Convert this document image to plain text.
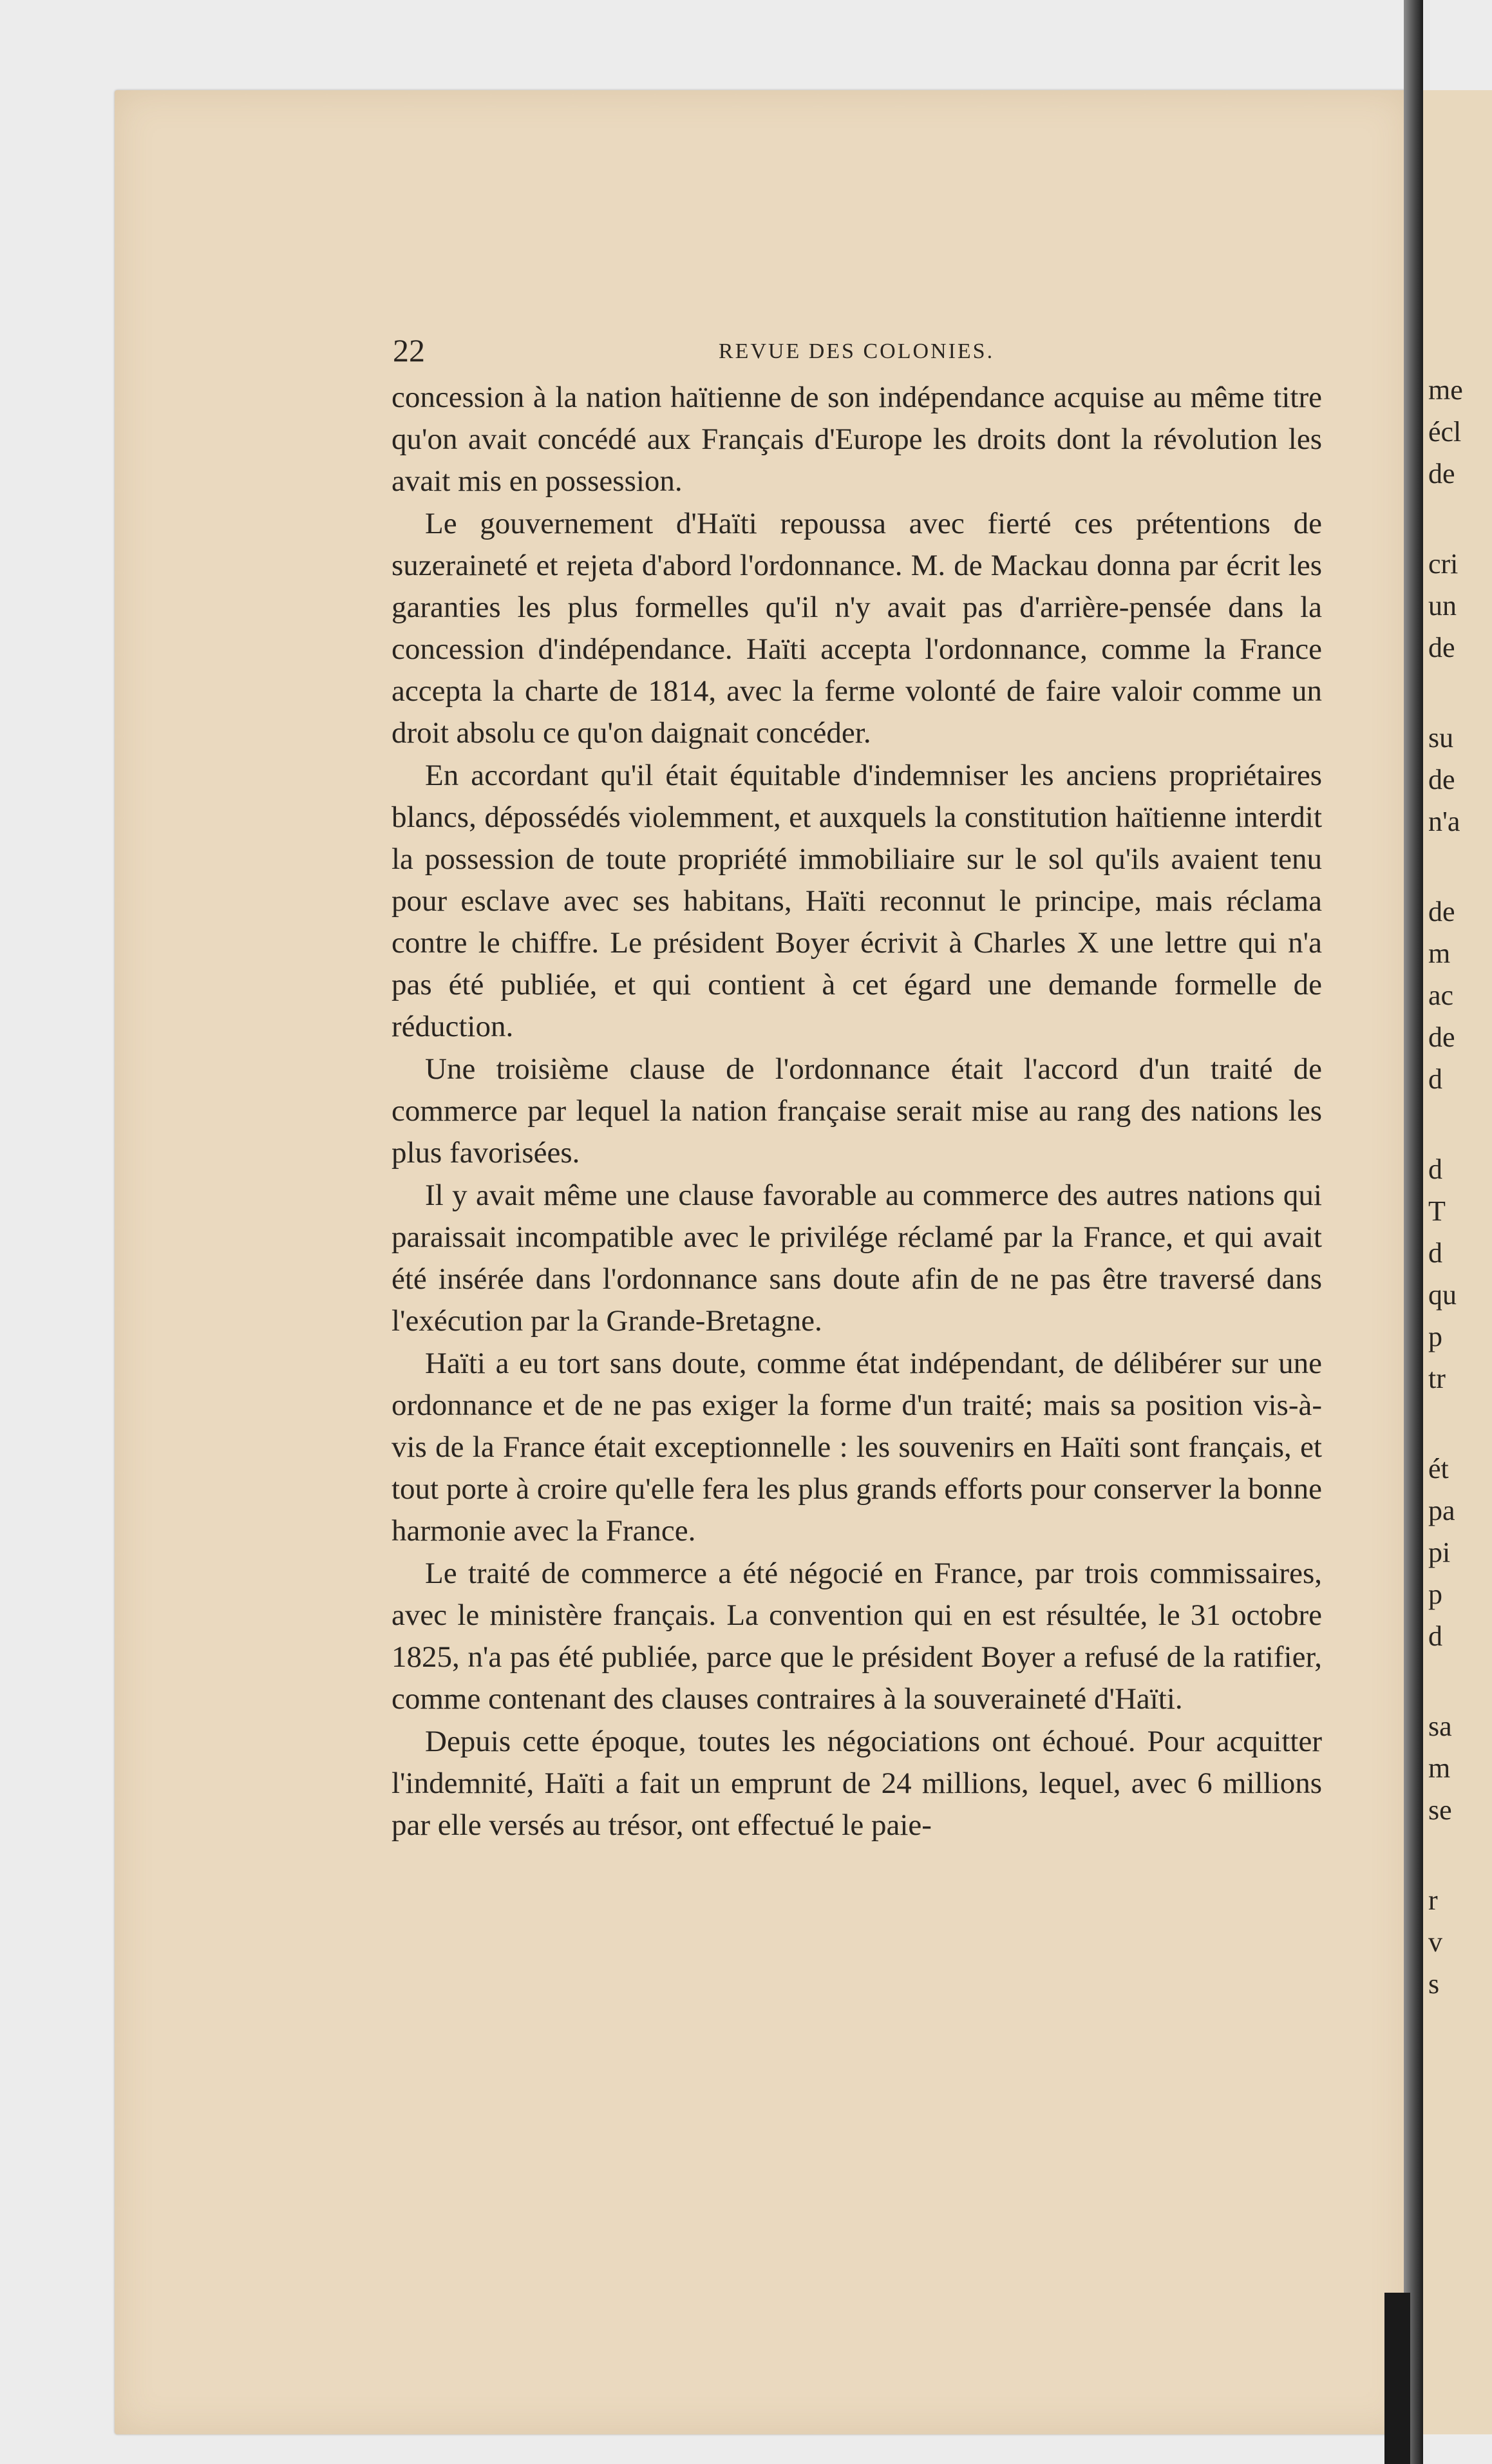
me
écl
de
cri
un
de
su
de
n'a
de
m
ac
de
d
d
T
d
qu
p
tr
ét
pa
pi
p
d
sa
m
se
r
v
s
22	REVUE DES COLONIES.

concession à la nation haïtienne de son indépendance acquise au même titre qu'on avait concédé aux Français d'Europe les droits dont la révolution les avait mis en possession.

Le gouvernement d'Haïti repoussa avec fierté ces prétentions de suzeraineté et rejeta d'abord l'ordonnance. M. de Mackau donna par écrit les garanties les plus formelles qu'il n'y avait pas d'arrière-pensée dans la concession d'indépendance. Haïti accepta l'ordonnance, comme la France accepta la charte de 1814, avec la ferme volonté de faire valoir comme un droit absolu ce qu'on daignait concéder.

En accordant qu'il était équitable d'indemniser les anciens propriétaires blancs, dépossédés violemment, et auxquels la constitution haïtienne interdit la possession de toute propriété immobiliaire sur le sol qu'ils avaient tenu pour esclave avec ses habitans, Haïti reconnut le principe, mais réclama contre le chiffre. Le président Boyer écrivit à Charles X une lettre qui n'a pas été publiée, et qui contient à cet égard une demande formelle de réduction.

Une troisième clause de l'ordonnance était l'accord d'un traité de commerce par lequel la nation française serait mise au rang des nations les plus favorisées.

Il y avait même une clause favorable au commerce des autres nations qui paraissait incompatible avec le privilége réclamé par la France, et qui avait été insérée dans l'ordonnance sans doute afin de ne pas être traversé dans l'exécution par la Grande-Bretagne.

Haïti a eu tort sans doute, comme état indépendant, de délibérer sur une ordonnance et de ne pas exiger la forme d'un traité; mais sa position vis-à-vis de la France était exceptionnelle : les souvenirs en Haïti sont français, et tout porte à croire qu'elle fera les plus grands efforts pour conserver la bonne harmonie avec la France.

Le traité de commerce a été négocié en France, par trois commissaires, avec le ministère français. La convention qui en est résultée, le 31 octobre 1825, n'a pas été publiée, parce que le président Boyer a refusé de la ratifier, comme contenant des clauses contraires à la souveraineté d'Haïti.

Depuis cette époque, toutes les négociations ont échoué. Pour acquitter l'indemnité, Haïti a fait un emprunt de 24 millions, lequel, avec 6 millions par elle versés au trésor, ont effectué le paie-
